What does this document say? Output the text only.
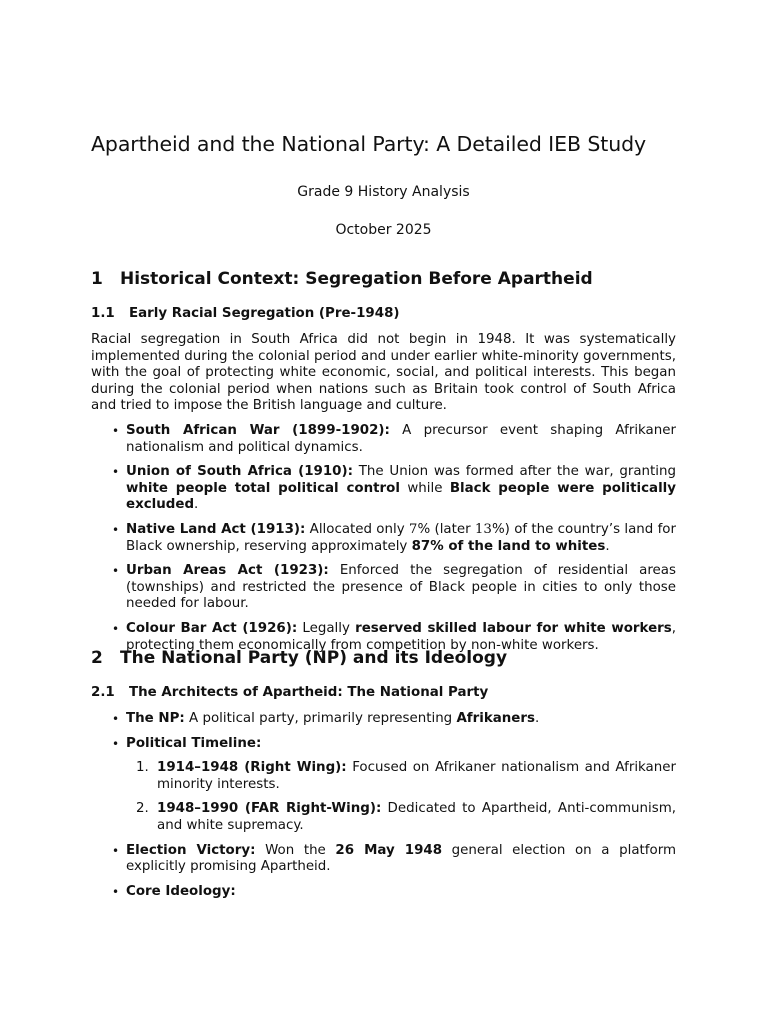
Apartheid and the National Party: A Detailed IEB Study
Grade 9 History Analysis
October 2025
1 Historical Context: Segregation Before Apartheid
1.1 Early Racial Segregation (Pre-1948)

Racial segregation in South Africa did not begin in 1948. It was systematically implemented during the colonial period and under earlier white-minority governments, with the goal of protecting white economic, social, and political interests. This began during the colonial period when nations such as Britain took control of South Africa and tried to impose the British language and culture.

• South African War (1899-1902): A precursor event shaping Afrikaner nationalism and political dynamics.
• Union of South Africa (1910): The Union was formed after the war, granting white people total political control while Black people were politically excluded.
• Native Land Act (1913): Allocated only 7% (later 13%) of the country’s land for Black ownership, reserving approximately 87% of the land to whites.
• Urban Areas Act (1923): Enforced the segregation of residential areas (townships) and restricted the presence of Black people in cities to only those needed for labour.
• Colour Bar Act (1926): Legally reserved skilled labour for white workers, protecting them economically from competition by non-white workers.
2 The National Party (NP) and its Ideology
2.1 The Architects of Apartheid: The National Party
• The NP: A political party, primarily representing Afrikaners.
• Political Timeline:
1. 1914–1948 (Right Wing): Focused on Afrikaner nationalism and Afrikaner minority interests.
2. 1948–1990 (FAR Right-Wing): Dedicated to Apartheid, Anti-communism, and white supremacy.
• Election Victory: Won the 26 May 1948 general election on a platform explicitly promising Apartheid.
• Core Ideology:
